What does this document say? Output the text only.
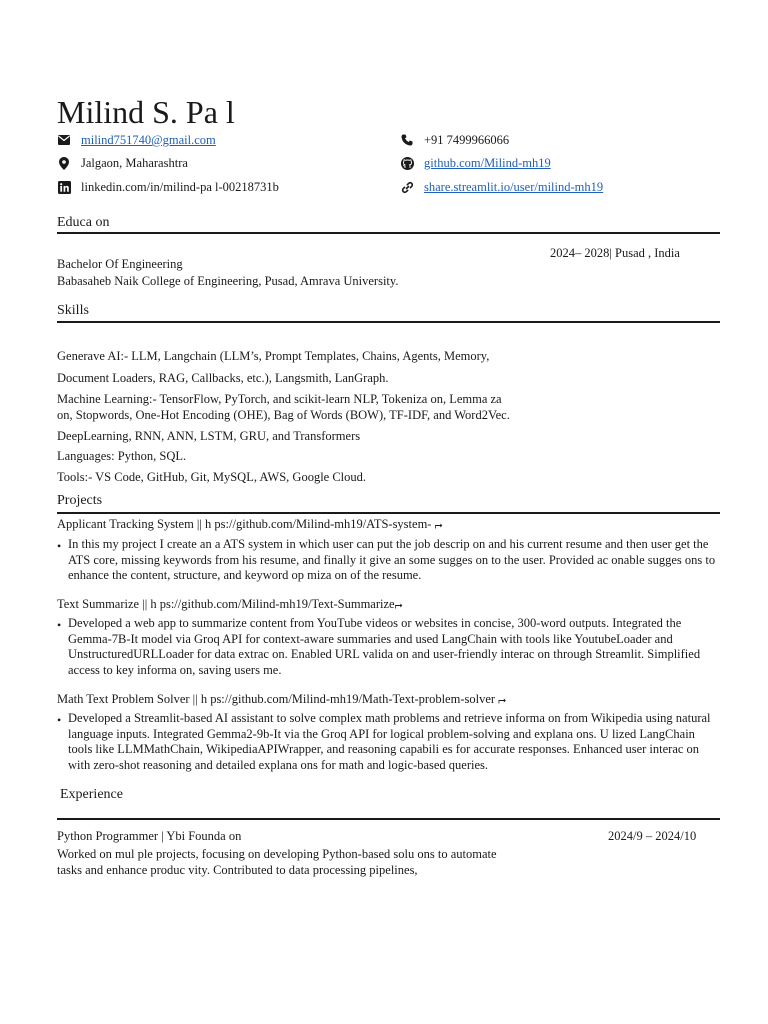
Milind S. Pa l
milind751740@gmail.com	+91 7499966066
Jalgaon, Maharashtra	github.com/Milind-mh19
linkedin.com/in/milind-pa l-00218731b	share.streamlit.io/user/milind-mh19
Educa on
2024– 2028| Pusad , India
Bachelor Of Engineering
Babasaheb Naik College of Engineering, Pusad, Amrava University.
Skills
Generave AI:- LLM, Langchain (LLM’s, Prompt Templates, Chains, Agents, Memory,
Document Loaders, RAG, Callbacks, etc.), Langsmith, LanGraph.
Machine Learning:- TensorFlow, PyTorch, and scikit-learn NLP, Tokeniza on, Lemma za on, Stopwords, One-Hot Encoding (OHE), Bag of Words (BOW), TF-IDF, and Word2Vec.
DeepLearning, RNN, ANN, LSTM, GRU, and Transformers
Languages: Python, SQL.
Tools:- VS Code, GitHub, Git, MySQL, AWS, Google Cloud.
Projects
Applicant Tracking System || h ps://github.com/Milind-mh19/ATS-system- ⮣
• In this my project I create an a ATS system in which user can put the job descrip on and his current resume and then user get the ATS core, missing keywords from his resume, and finally it give an some sugges on to the user. Provided ac onable sugges ons to enhance the content, structure, and keyword op miza on of the resume.
Text Summarize || h ps://github.com/Milind-mh19/Text-Summarize⮣
• Developed a web app to summarize content from YouTube videos or websites in concise, 300-word outputs. Integrated the Gemma-7B-It model via Groq API for context-aware summaries and used LangChain with tools like YoutubeLoader and UnstructuredURLLoader for data extrac on. Enabled URL valida on and user-friendly interac on through Streamlit. Simplified access to key informa on, saving users me.
Math Text Problem Solver || h ps://github.com/Milind-mh19/Math-Text-problem-solver ⮣
• Developed a Streamlit-based AI assistant to solve complex math problems and retrieve informa on from Wikipedia using natural language inputs. Integrated Gemma2-9b-It via the Groq API for logical problem-solving and explana ons. U lized LangChain tools like LLMMathChain, WikipediaAPIWrapper, and reasoning capabili es for accurate responses. Enhanced user interac on with zero-shot reasoning and detailed explana ons for math and logic-based queries.
Experience
Python Programmer | Ybi Founda on	2024/9 – 2024/10
Worked on mul ple projects, focusing on developing Python-based solu ons to automate
tasks and enhance produc vity. Contributed to data processing pipelines,
